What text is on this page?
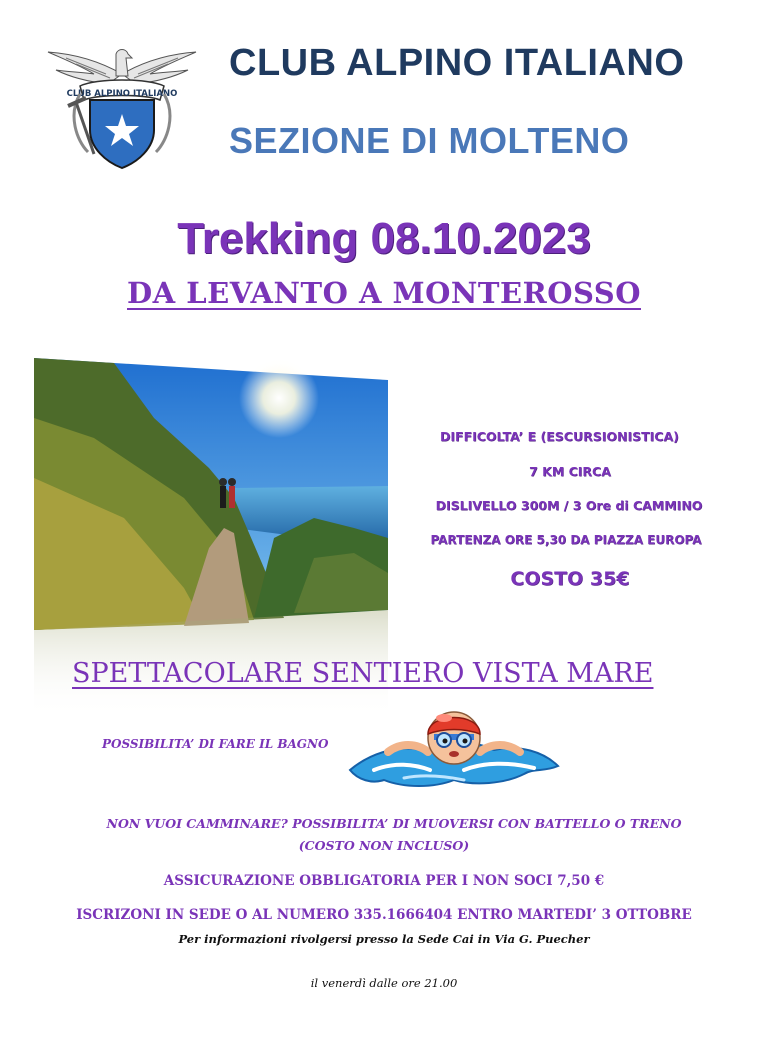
CLUB ALPINO ITALIANO
CLUB ALPINO ITALIANO
SEZIONE DI MOLTENO
Trekking 08.10.2023
DA LEVANTO A MONTEROSSO
DIFFICOLTA’ E (ESCURSIONISTICA)
7 KM CIRCA
DISLIVELLO 300M / 3 Ore di CAMMINO
PARTENZA ORE 5,30 DA PIAZZA EUROPA
COSTO 35€
SPETTACOLARE SENTIERO VISTA MARE
POSSIBILITA’ DI FARE IL BAGNO
NON VUOI CAMMINARE? POSSIBILITA’ DI MUOVERSI CON BATTELLO O TRENO
(COSTO NON INCLUSO)
ASSICURAZIONE OBBLIGATORIA PER I NON SOCI 7,50 €
ISCRIZONI IN SEDE O AL NUMERO 335.1666404 ENTRO MARTEDI’ 3 OTTOBRE
Per informazioni rivolgersi presso la Sede Cai in Via G. Puecher
il venerdì dalle ore 21.00
